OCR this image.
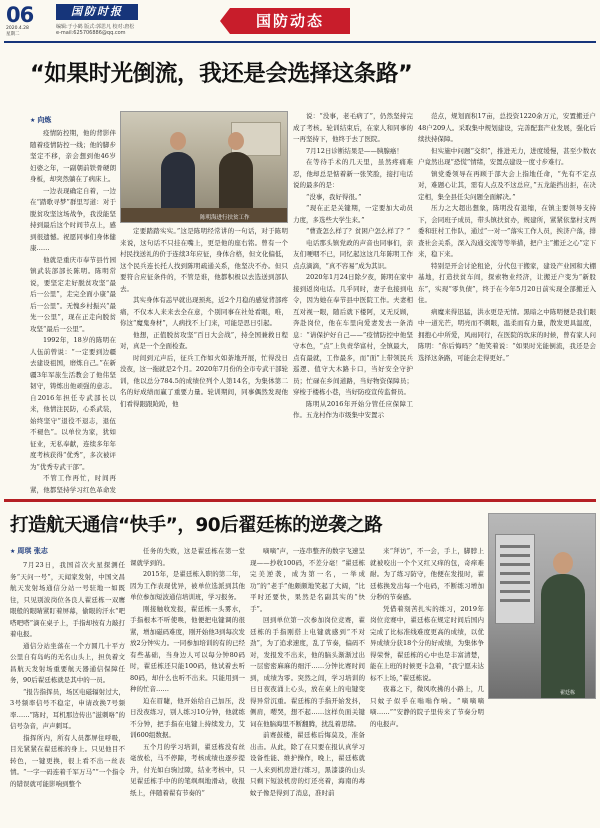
06
2020.4.28
星期二
国防时报
编辑:于小鹤 版式:郭思凡 校对:唐松
e-mail:625706886@qq.com
国防动态
“如果时光倒流，我还是会选择这条路”
★ 向炼

疫情防控期，他的背影伴随着疫情防控一线；他的脚步坚定不移，亲会想到他46岁妇婆之年，一副朝前铁骨硬朗身板，却突然躺在了病床上。

一边表现确定自着，一边在“踏歌寻梦”群里写道：对于脱贫攻坚这场战争，我没能坚持到最后这个时间节点上，感到很遗憾。祝愿同事们身体健康……

他就是重庆市奉节县竹园镇武装部部长陈明。陈明常说，要坚定走好脱贫攻坚“最后一公里”，走完全面小康“最后一公里”。无愧乡村振兴“最先一公里”，现在正走向脱贫攻坚“最后一公里”。

1992年，18岁的陈明在人伍前曾说：“一定要到边疆去建设祖国，磨炼自己。”在新疆3年军旅生活教会了他伟坚韧守，铸炼出他顽强的意志。自2016年担任专武部长以来，他情注民防，心系武装，始终坚守“退役不退志，退伍不褪色”。以单位为家，犹如征业，无私奉献，连续多年年度考核获得“优秀”，多次被评为“优秀专武干部”。

不管工作再忙，时间再紧，他都坚持学习红色革命发

陈明海进行扶贫工作

定要踏踏实实。”这是陈明经常讲的一句话，对于陈明来说，这句话不只挂在嘴上，更是他的座右铭。曾有一个村民找送礼的价于连续3年应征，身体合格，但文化偏低，这个民兵连长托人找到陈明疏通关系，他坚决不办。但只要符合应征条件的，不管是谁，他都积极以去选送到部队去。

其实身体有恙早就出现预兆，近2个月稳的感觉背部疼痛，不仅本人来来去全在意，个别同事在社处看眼，唯，你这“魔鬼身材”，人病找不上门来，可能是思日引起。

他想，正值脱贫攻坚“百日大会战”，持全国兼救日程对，真是一个全面检查。

时间到元声后，征兵工作如火如荼地开展，忙得没日没夜，这一拖就是2个月。2020年7月份的全市专武干部轮训，他以总分784.5的成绩位列个人第14名，为集体第二名的好成绩而赢了重要力量。轮训期间，同事偶然发现他们看得跟跟跄跄，他

说：“没事，老毛病了”，仍然坚持完成了考核。轮训结束后，在家人和同事的一再坚持下，他终于去了医院。

7月12日诊断结果是——胰腺癌！

在等待手术的几天里，虽然疼痛难忍，他却总是惦着新一张笑脸，接打电话说的最多的是：

“没事，我好得很。”

“现在正是关键期，一定要加大动员力度，多选些大学生来。”

“曹查怎么样了？贫困户怎么样了？”

电话那头镇党政的声音也同事们，亲友们哽咽不已，同忆起这这几年陈明工作点点滴滴，“真不容易”成为其识。

2020年1月24日除夕夜，陈明在家中接到返岗电话。几乎同时，妻子也接到电令，因为她在奉节县中医院工作。夫妻相互对视一眼，随后就下楼阿，叉无反顾，奔赴岗位，他在车里向爱妻发去一条消息：“请保护好自己——”疫情防控中他坚守本色，“点”上负责华富村，全镇最大，点有最就，工作最多，而“面”上带领民兵巡逻、值守大木路卡口，当好安全守护员；忙碌在乡间道路，当好物资保障员；穿梭于楼栋小巷，当好防疫宣传监督员。

陈明从2016年开始分管任应保障工作。五龙村作为市级集中安置示

范点，规划面积17亩，总投资1220余万元，安置搬迁户48户209人。采取集中规划建设，完善配套产业发展，强化后续扶持保障。

但实施中问题“交织”，推进无力，进度缓慢，甚至少数农户竟然出现“恐慌”情绪，安置点建设一度寸步难行。

镇党委领导在再顾于部大会上指地任命，“先有不定点对，难题心让其，需有人点及不这总应，”五龙能挡出拒，在决定相，集全县任尖问题全面解决。”

压力之大超出想象，陈明没有退缩，在镇主要领导支持下，会同班子成员，带头镇扶贫办，规建所，紧紧依靠村支两委和驻村工作队，通过“一对一”落实工作人员，挨济户落，排查社会关系，深入沟通交流等等举措，把户主”搬迁之心”定下来，稳下来。

特别是开会讨论租论，分代包干搬家，建设产业园和大棚基地，打造扶贫车间，探索物业经济，让搬迁户变为“新股东”，实现“零负债”，终于在今年5月20日前实现全部搬迁入住。

病魔来得迅猛，洪水更是无情。黑暗之中陈明便是我们眼中一道光芒，明亮而不刺眼，温柔而有力量，散发更具温度，拥抱心中所爱，风雨同行，在医院的坎床的时候，曾有家人问陈明：“你后悔吗？”他笑着说：“如果时光能倒流，我还是会选择这条路，可能会走得更好。”

打造航天通信“快手”，90后翟廷栋的逆袭之路
★ 周琪 张志

7月23日，我国首次火星探测任务“天问一号”，天闻家发射，中国文昌航天发射场通信分站一号驻地一如既往，只见别波岗位各良人翟廷栋一双鹰眼般的眼睛紧盯着屏幕，偷眼的汗水“吧嗒吧嗒”滴在桌子上，手指却按有力敲打着电报。

通信分站坐落在一个方圆几十平方公里自有岛屿的无名山头上，担负着文昌航天发射场重要航天器通信保障任务，90后翟廷栋就是其中的一员。

“报告指挥员，场区电磁辐射过大，3号频率信号不稳定，申请改换7号频率……”陈时，耳机那边传出“滋刺咯”的信号杂音，声声刺耳。

指挥所内，所有人员都屏住呼吸，目光紧紧在翟廷栋的身上。只见他目不转色，一键更换，很上看不出一丝表情。“一字一码连着千军万马”“一个指令的错误就可能影响到整个

任务的失败，这是翟廷栋在第一堂课就学到的。

2015年，是翟廷栋入职的第二年，因为工作表现优异，被单位选派到其他单位参加短波通信培训班，学习报务。

刚接触收发报，翟廷栋一头雾水，手指根本不听使唤，他便把电键调的很紧，增加磁码难度，刚开始他3到每次发放2分钟实力。一同参加培训的有的已经有些基础，当身边人可以每分钟80码时，翟廷栋还只能100码，他试着去听80码，却什么也听不出来。只能用到一种的忙音……

迫在眉睫，他开始给自己加压，没日没夜练习，别人练习10分钟，他就练不分钟，把手指在电键上持续发力，艾训600组数据。

五个月的学习培训，翟廷栋没有丝毫放松，马不停蹄，考核成绩也逐步提升，付光如白驹过隙，结业考核中，只见翟廷栋手中的的笔飒飒地滑动，收报纸上，伴随着翟有节奏的“

嘀嘀”声，一连串整齐的数字飞速呈现——抄收100码，不差分毫！”翟廷栋完美逆袭，成为第一名，一举成功”的“老手”他颇颇地笑起了大阔，“比平时还要快，果然是名副其实的“快手”。

回到单位第一次参加岗位竞赛，翟廷栋的手指刚搭上电键就感到“不对劲”，为了追求速度，乱了节奏，偏码不对，发报发不出来，他的脑头渐渐过出一层密密麻麻的细汗……分钟比赛时间到，成绩为零。突然之间，学习培训的日日夜夜涌上心头，放在桌上的电键变得异常沉重。翟廷栋的手指开始发抖，侧肩，嘤哭，想不起……这样负面关键词在他脑海里不断翻腾，扰乱着思绪。

前赛鼓楼，翟廷栋后悔莫及，准备出击。从此，除了在只要在报认真学习设备性能、维护操作，晚上，翟廷栋就一人来到机房进行练习，黑漆漆的山头只剩下短波机房的灯还亮着，海南的毒蚊子像是得到了消息，准时前

来“拜访”，不一会，手上，脚脖上就被咬出一个个又红又痒的包，奇痒难耐。为了练习防守，他便在发报时，翟廷栋换发出每一个电码，不断练习增加分秒的节奏感。

凭借着刻苦扎实的练习，2019年岗位竞赛中，翟廷栋在规定时间后国内完成了比标准线难度更高的成绩，以优异成绩分获18个分的好成绩，为集体争得荣誉，翟廷栋的心中也是丰富清楚，能在上班的时候更卡急着，“我宁愿未达标不上场，”翟廷栋说。

夜幕之下，微风吹拂的小路上，几只蚊子似乎在嗡嗡作响。“嘀嘀嘀嘀……”“安静的院子里传来了节奏分明的电报声。

翟廷栋
